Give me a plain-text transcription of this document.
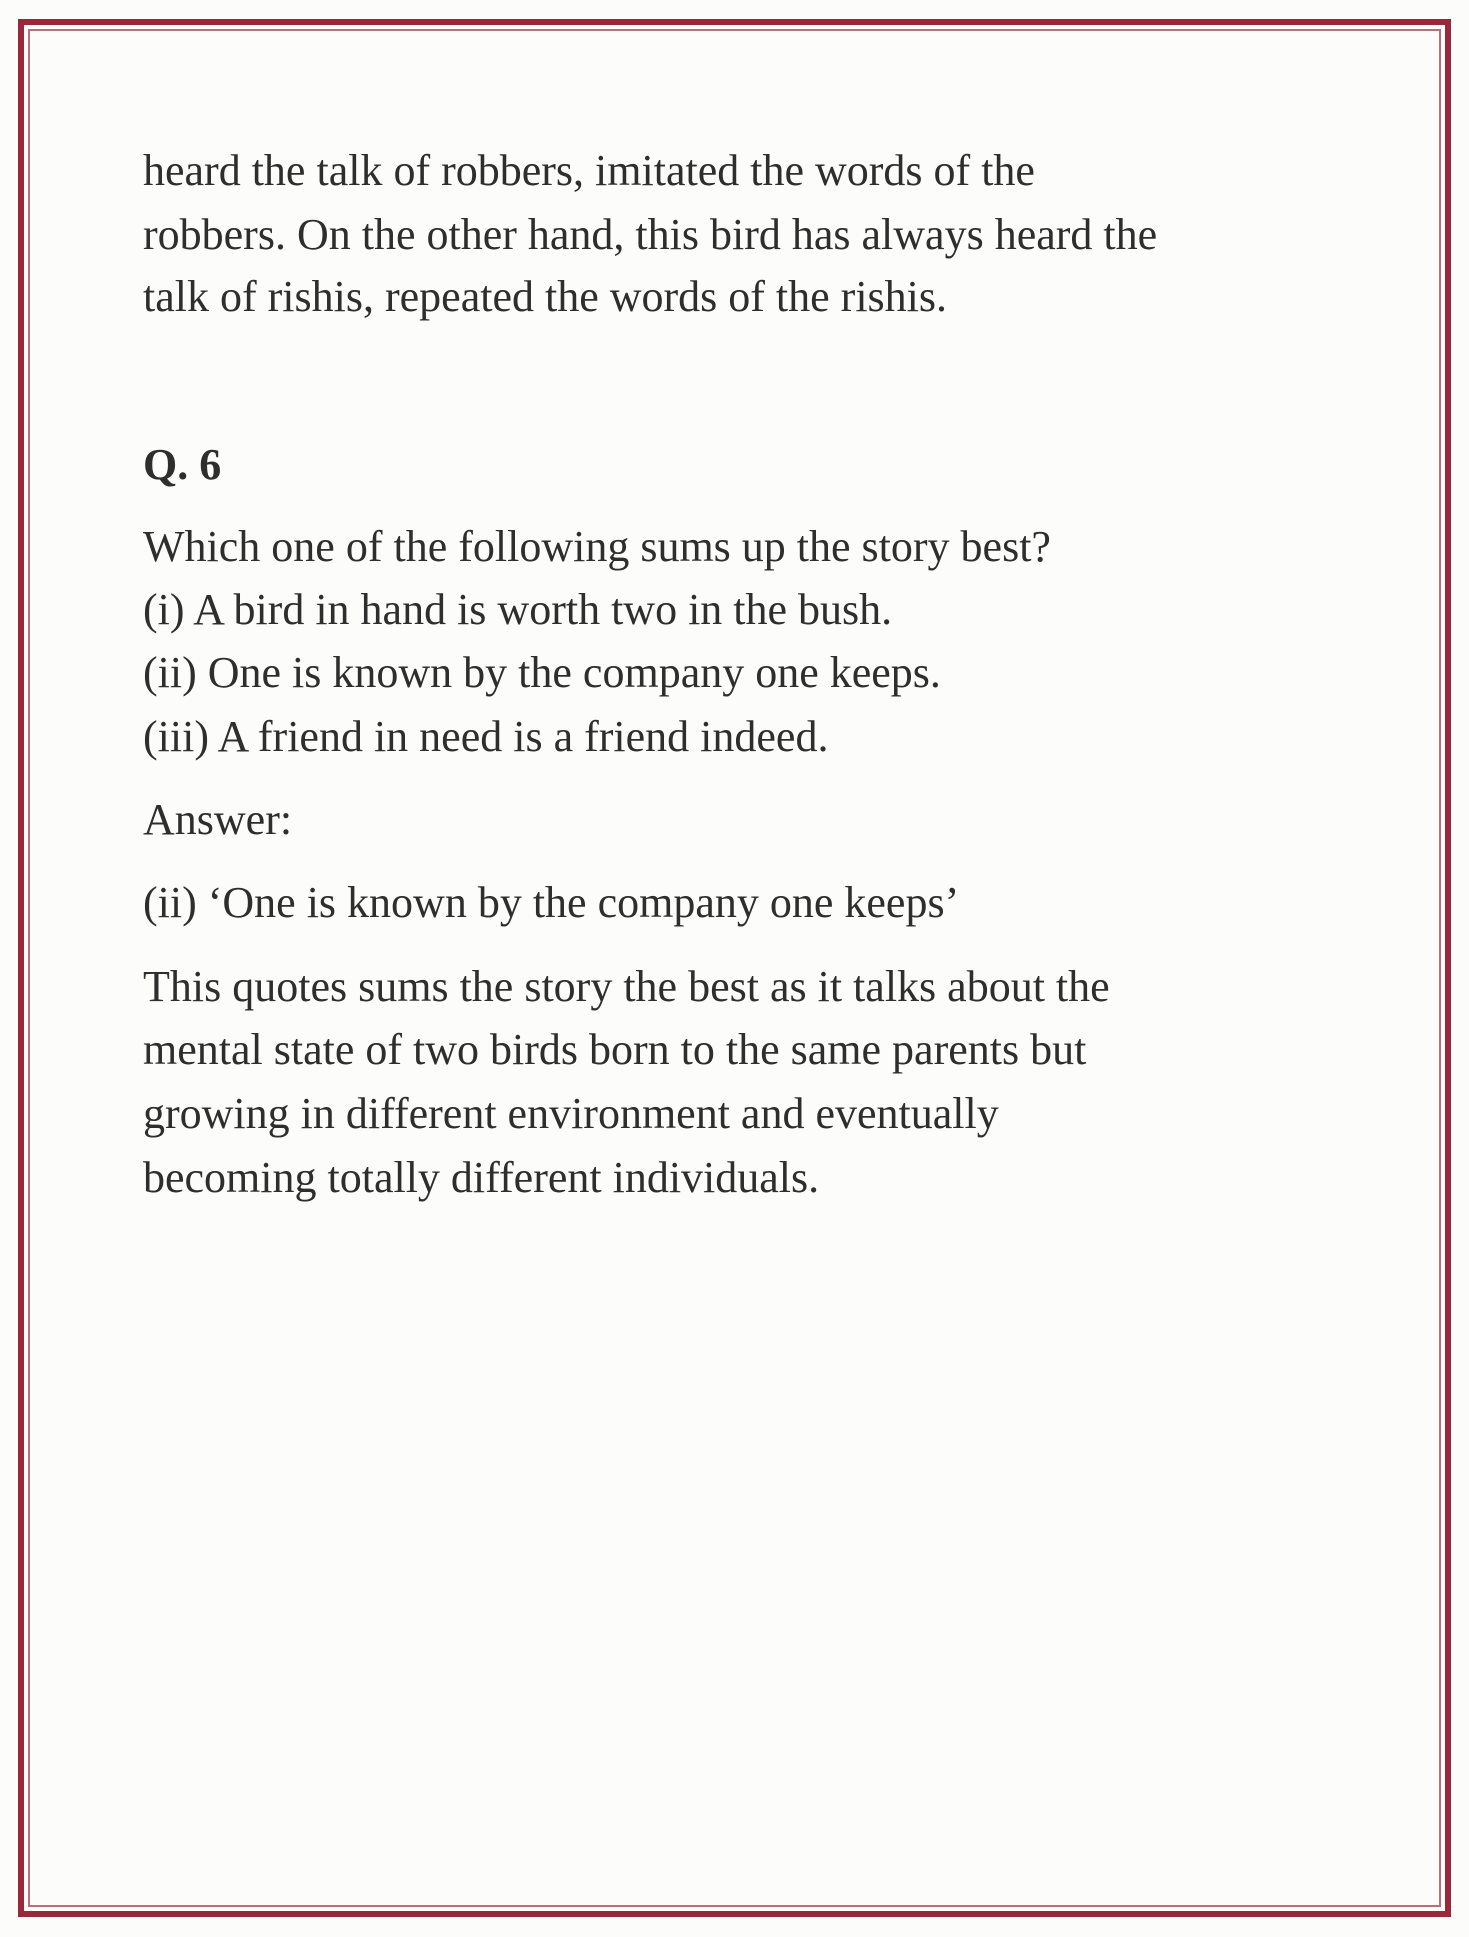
heard the talk of robbers, imitated the words of the
robbers. On the other hand, this bird has always heard the
talk of rishis, repeated the words of the rishis.
Q. 6
Which one of the following sums up the story best?
(i) A bird in hand is worth two in the bush.
(ii) One is known by the company one keeps.
(iii) A friend in need is a friend indeed.
Answer:
(ii) ‘One is known by the company one keeps’
This quotes sums the story the best as it talks about the
mental state of two birds born to the same parents but
growing in different environment and eventually
becoming totally different individuals.
